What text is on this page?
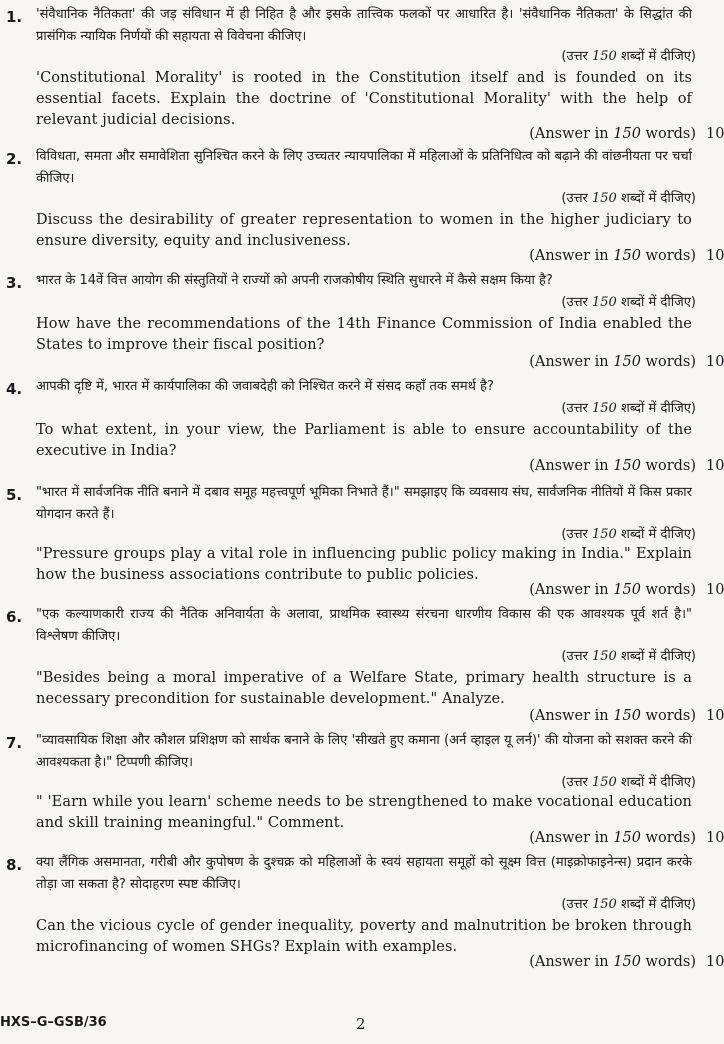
1. 'संवैधानिक नैतिकता' की जड़ संविधान में ही निहित है और इसके तात्त्विक फलकों पर आधारित है। 'संवैधानिक नैतिकता' के सिद्धांत की प्रासंगिक न्यायिक निर्णयों की सहायता से विवेचना कीजिए।
(उत्तर 150 शब्दों में दीजिए)
'Constitutional Morality' is rooted in the Constitution itself and is founded on its essential facets. Explain the doctrine of 'Constitutional Morality' with the help of relevant judicial decisions.
(Answer in 150 words) 10
2. विविधता, समता और समावेशिता सुनिश्चित करने के लिए उच्चतर न्यायपालिका में महिलाओं के प्रतिनिधित्व को बढ़ाने की वांछनीयता पर चर्चा कीजिए।
(उत्तर 150 शब्दों में दीजिए)
Discuss the desirability of greater representation to women in the higher judiciary to ensure diversity, equity and inclusiveness.
(Answer in 150 words) 10
3. भारत के 14वें वित्त आयोग की संस्तुतियों ने राज्यों को अपनी राजकोषीय स्थिति सुधारने में कैसे सक्षम किया है?
(उत्तर 150 शब्दों में दीजिए)
How have the recommendations of the 14th Finance Commission of India enabled the States to improve their fiscal position?
(Answer in 150 words) 10
4. आपकी दृष्टि में, भारत में कार्यपालिका की जवाबदेही को निश्चित करने में संसद कहाँ तक समर्थ है?
(उत्तर 150 शब्दों में दीजिए)
To what extent, in your view, the Parliament is able to ensure accountability of the executive in India?
(Answer in 150 words) 10
5. "भारत में सार्वजनिक नीति बनाने में दबाव समूह महत्त्वपूर्ण भूमिका निभाते हैं।" समझाइए कि व्यवसाय संघ, सार्वजनिक नीतियों में किस प्रकार योगदान करते हैं।
(उत्तर 150 शब्दों में दीजिए)
"Pressure groups play a vital role in influencing public policy making in India." Explain how the business associations contribute to public policies.
(Answer in 150 words) 10
6. "एक कल्याणकारी राज्य की नैतिक अनिवार्यता के अलावा, प्राथमिक स्वास्थ्य संरचना धारणीय विकास की एक आवश्यक पूर्व शर्त है।" विश्लेषण कीजिए।
(उत्तर 150 शब्दों में दीजिए)
"Besides being a moral imperative of a Welfare State, primary health structure is a necessary precondition for sustainable development." Analyze.
(Answer in 150 words) 10
7. "व्यावसायिक शिक्षा और कौशल प्रशिक्षण को सार्थक बनाने के लिए 'सीखते हुए कमाना (अर्न व्हाइल यू लर्न)' की योजना को सशक्त करने की आवश्यकता है।" टिप्पणी कीजिए।
(उत्तर 150 शब्दों में दीजिए)
" 'Earn while you learn' scheme needs to be strengthened to make vocational education and skill training meaningful." Comment.
(Answer in 150 words) 10
8. क्या लैंगिक असमानता, गरीबी और कुपोषण के दुश्चक्र को महिलाओं के स्वयं सहायता समूहों को सूक्ष्म वित्त (माइक्रोफाइनेन्स) प्रदान करके तोड़ा जा सकता है? सोदाहरण स्पष्ट कीजिए।
(उत्तर 150 शब्दों में दीजिए)
Can the vicious cycle of gender inequality, poverty and malnutrition be broken through microfinancing of women SHGs? Explain with examples.
(Answer in 150 words) 10
HXS–G–GSB/36	2
